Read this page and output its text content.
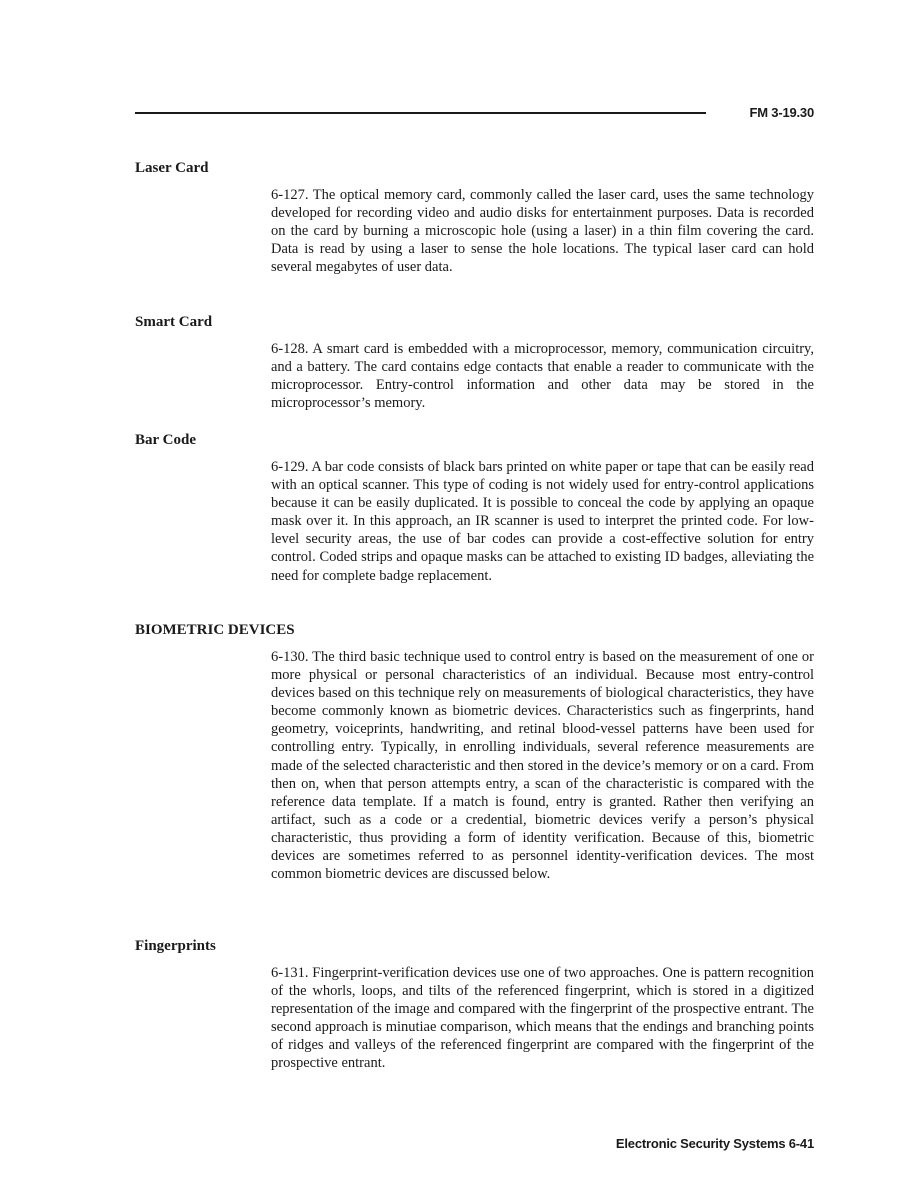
FM 3-19.30
Laser Card

6-127. The optical memory card, commonly called the laser card, uses the same technology developed for recording video and audio disks for entertainment purposes. Data is recorded on the card by burning a microscopic hole (using a laser) in a thin film covering the card. Data is read by using a laser to sense the hole locations. The typical laser card can hold several megabytes of user data.

Smart Card

6-128. A smart card is embedded with a microprocessor, memory, communication circuitry, and a battery. The card contains edge contacts that enable a reader to communicate with the microprocessor. Entry-control information and other data may be stored in the microprocessor’s memory.

Bar Code

6-129. A bar code consists of black bars printed on white paper or tape that can be easily read with an optical scanner. This type of coding is not widely used for entry-control applications because it can be easily duplicated. It is possible to conceal the code by applying an opaque mask over it. In this approach, an IR scanner is used to interpret the printed code. For low-level security areas, the use of bar codes can provide a cost-effective solution for entry control. Coded strips and opaque masks can be attached to existing ID badges, alleviating the need for complete badge replacement.

BIOMETRIC DEVICES

6-130. The third basic technique used to control entry is based on the measurement of one or more physical or personal characteristics of an individual. Because most entry-control devices based on this technique rely on measurements of biological characteristics, they have become commonly known as biometric devices. Characteristics such as fingerprints, hand geometry, voiceprints, handwriting, and retinal blood-vessel patterns have been used for controlling entry. Typically, in enrolling individuals, several reference measurements are made of the selected characteristic and then stored in the device’s memory or on a card. From then on, when that person attempts entry, a scan of the characteristic is compared with the reference data template. If a match is found, entry is granted. Rather then verifying an artifact, such as a code or a credential, biometric devices verify a person’s physical characteristic, thus providing a form of identity verification. Because of this, biometric devices are sometimes referred to as personnel identity-verification devices. The most common biometric devices are discussed below.

Fingerprints

6-131. Fingerprint-verification devices use one of two approaches. One is pattern recognition of the whorls, loops, and tilts of the referenced fingerprint, which is stored in a digitized representation of the image and compared with the fingerprint of the prospective entrant. The second approach is minutiae comparison, which means that the endings and branching points of ridges and valleys of the referenced fingerprint are compared with the fingerprint of the prospective entrant.

Electronic Security Systems 6-41
